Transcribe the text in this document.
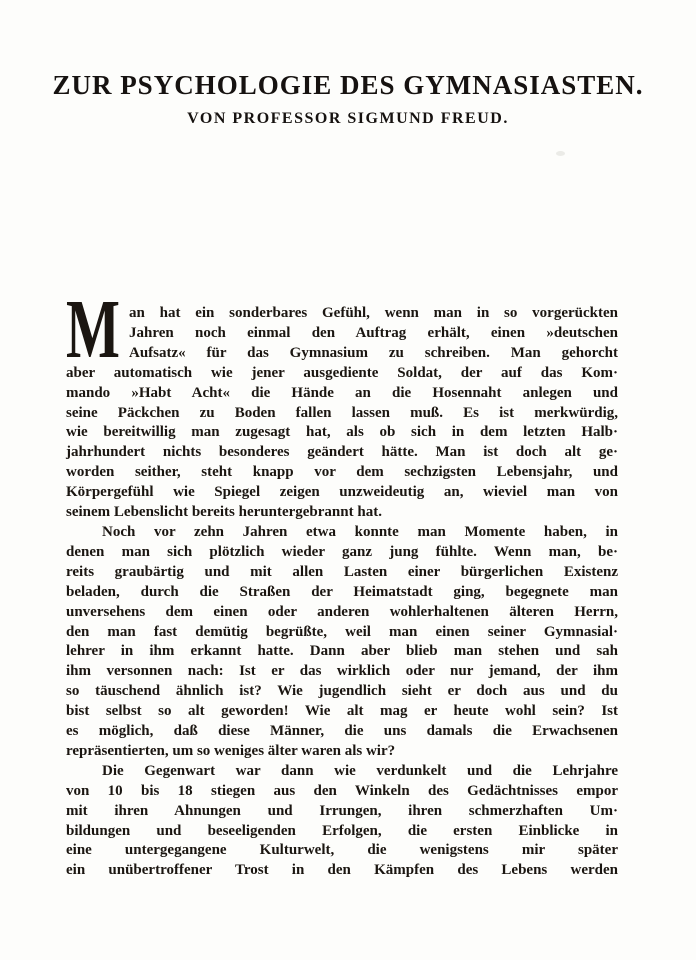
ZUR PSYCHOLOGIE DES GYMNASIASTEN.
VON PROFESSOR SIGMUND FREUD.
M an hat ein sonderbares Gefühl, wenn man in so vorgerückten
Jahren noch einmal den Auftrag erhält, einen »deutschen
Aufsatz« für das Gymnasium zu schreiben. Man gehorcht
aber automatisch wie jener ausgediente Soldat, der auf das Kom·
mando »Habt Acht« die Hände an die Hosennaht anlegen und
seine Päckchen zu Boden fallen lassen muß. Es ist merkwürdig,
wie bereitwillig man zugesagt hat, als ob sich in dem letzten Halb·
jahrhundert nichts besonderes geändert hätte. Man ist doch alt ge·
worden seither, steht knapp vor dem sechzigsten Lebensjahr, und
Körpergefühl wie Spiegel zeigen unzweideutig an, wieviel man von
seinem Lebenslicht bereits heruntergebrannt hat.
Noch vor zehn Jahren etwa konnte man Momente haben, in
denen man sich plötzlich wieder ganz jung fühlte. Wenn man, be·
reits graubärtig und mit allen Lasten einer bürgerlichen Existenz
beladen, durch die Straßen der Heimatstadt ging, begegnete man
unversehens dem einen oder anderen wohlerhaltenen älteren Herrn,
den man fast demütig begrüßte, weil man einen seiner Gymnasial·
lehrer in ihm erkannt hatte. Dann aber blieb man stehen und sah
ihm versonnen nach: Ist er das wirklich oder nur jemand, der ihm
so täuschend ähnlich ist? Wie jugendlich sieht er doch aus und du
bist selbst so alt geworden! Wie alt mag er heute wohl sein? Ist
es möglich, daß diese Männer, die uns damals die Erwachsenen
repräsentierten, um so weniges älter waren als wir?
Die Gegenwart war dann wie verdunkelt und die Lehrjahre
von 10 bis 18 stiegen aus den Winkeln des Gedächtnisses empor
mit ihren Ahnungen und Irrungen, ihren schmerzhaften Um·
bildungen und beseeligenden Erfolgen, die ersten Einblicke in
eine untergegangene Kulturwelt, die wenigstens mir später
ein unübertroffener Trost in den Kämpfen des Lebens werden
